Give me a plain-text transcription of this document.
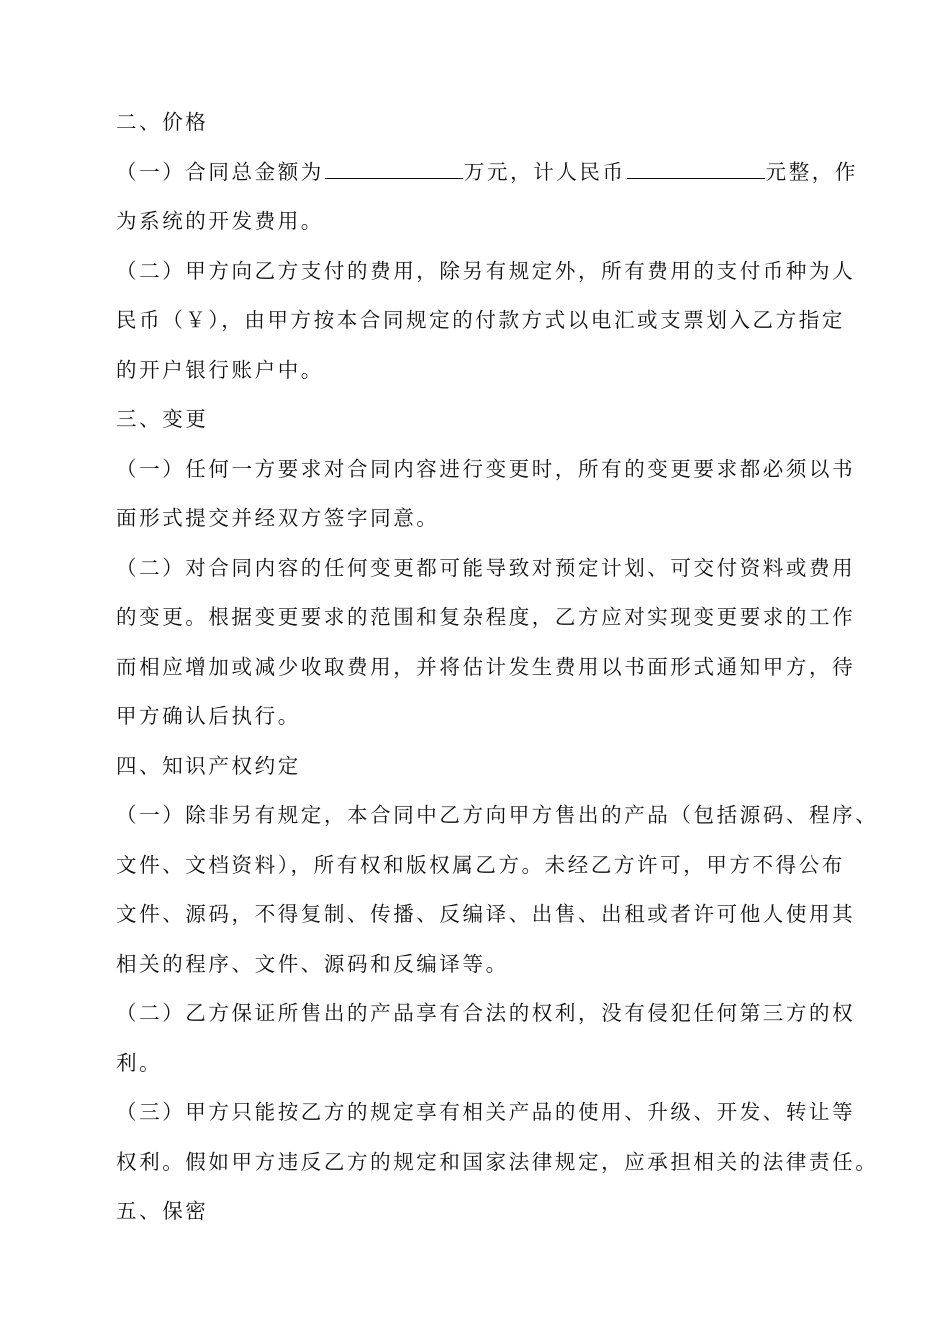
二、价格
（一）合同总金额为	万元，计人民币	元整，作
为系统的开发费用。
（二）甲方向乙方支付的费用，除另有规定外，所有费用的支付币种为人
民币（￥），由甲方按本合同规定的付款方式以电汇或支票划入乙方指定
的开户银行账户中。
三、变更
（一）任何一方要求对合同内容进行变更时，所有的变更要求都必须以书
面形式提交并经双方签字同意。
（二）对合同内容的任何变更都可能导致对预定计划、可交付资料或费用
的变更。根据变更要求的范围和复杂程度，乙方应对实现变更要求的工作
而相应增加或减少收取费用，并将估计发生费用以书面形式通知甲方，待
甲方确认后执行。
四、知识产权约定
（一）除非另有规定，本合同中乙方向甲方售出的产品（包括源码、程序、
文件、文档资料），所有权和版权属乙方。未经乙方许可，甲方不得公布
文件、源码，不得复制、传播、反编译、出售、出租或者许可他人使用其
相关的程序、文件、源码和反编译等。
（二）乙方保证所售出的产品享有合法的权利，没有侵犯任何第三方的权
利。
（三）甲方只能按乙方的规定享有相关产品的使用、升级、开发、转让等
权利。假如甲方违反乙方的规定和国家法律规定，应承担相关的法律责任。
五、保密
